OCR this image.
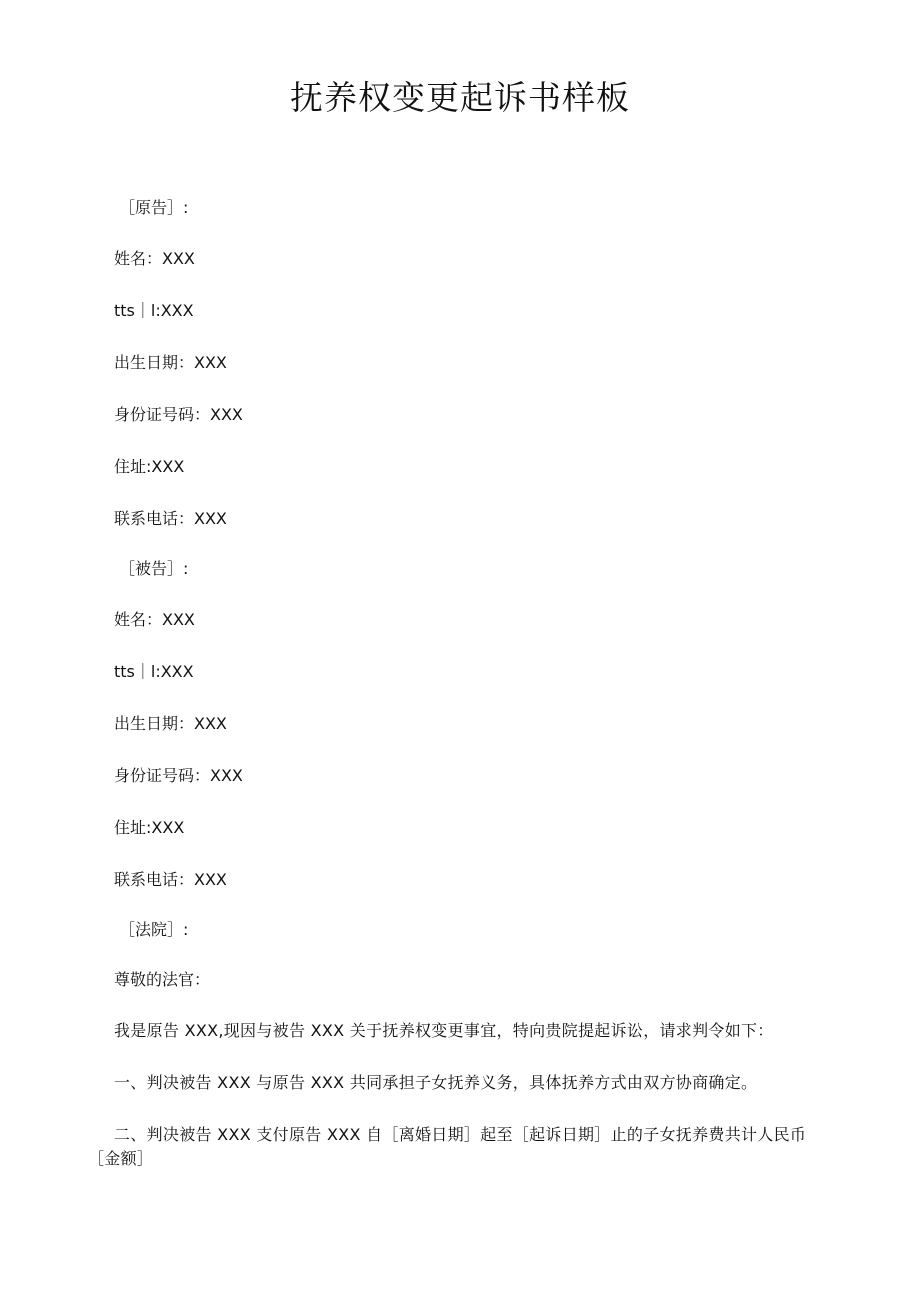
抚养权变更起诉书样板

［原告］:

姓名：XXX

tts｜l:XXX

出生日期：XXX

身份证号码：XXX

住址:XXX

联系电话：XXX

［被告］:

姓名：XXX

tts｜l:XXX

出生日期：XXX

身份证号码：XXX

住址:XXX

联系电话：XXX

［法院］:

尊敬的法官：

我是原告 XXX,现因与被告 XXX 关于抚养权变更事宜，特向贵院提起诉讼，请求判令如下：

一、判决被告 XXX 与原告 XXX 共同承担子女抚养义务，具体抚养方式由双方协商确定。

二、判决被告 XXX 支付原告 XXX 自［离婚日期］起至［起诉日期］止的子女抚养费共计人民币［金额］
